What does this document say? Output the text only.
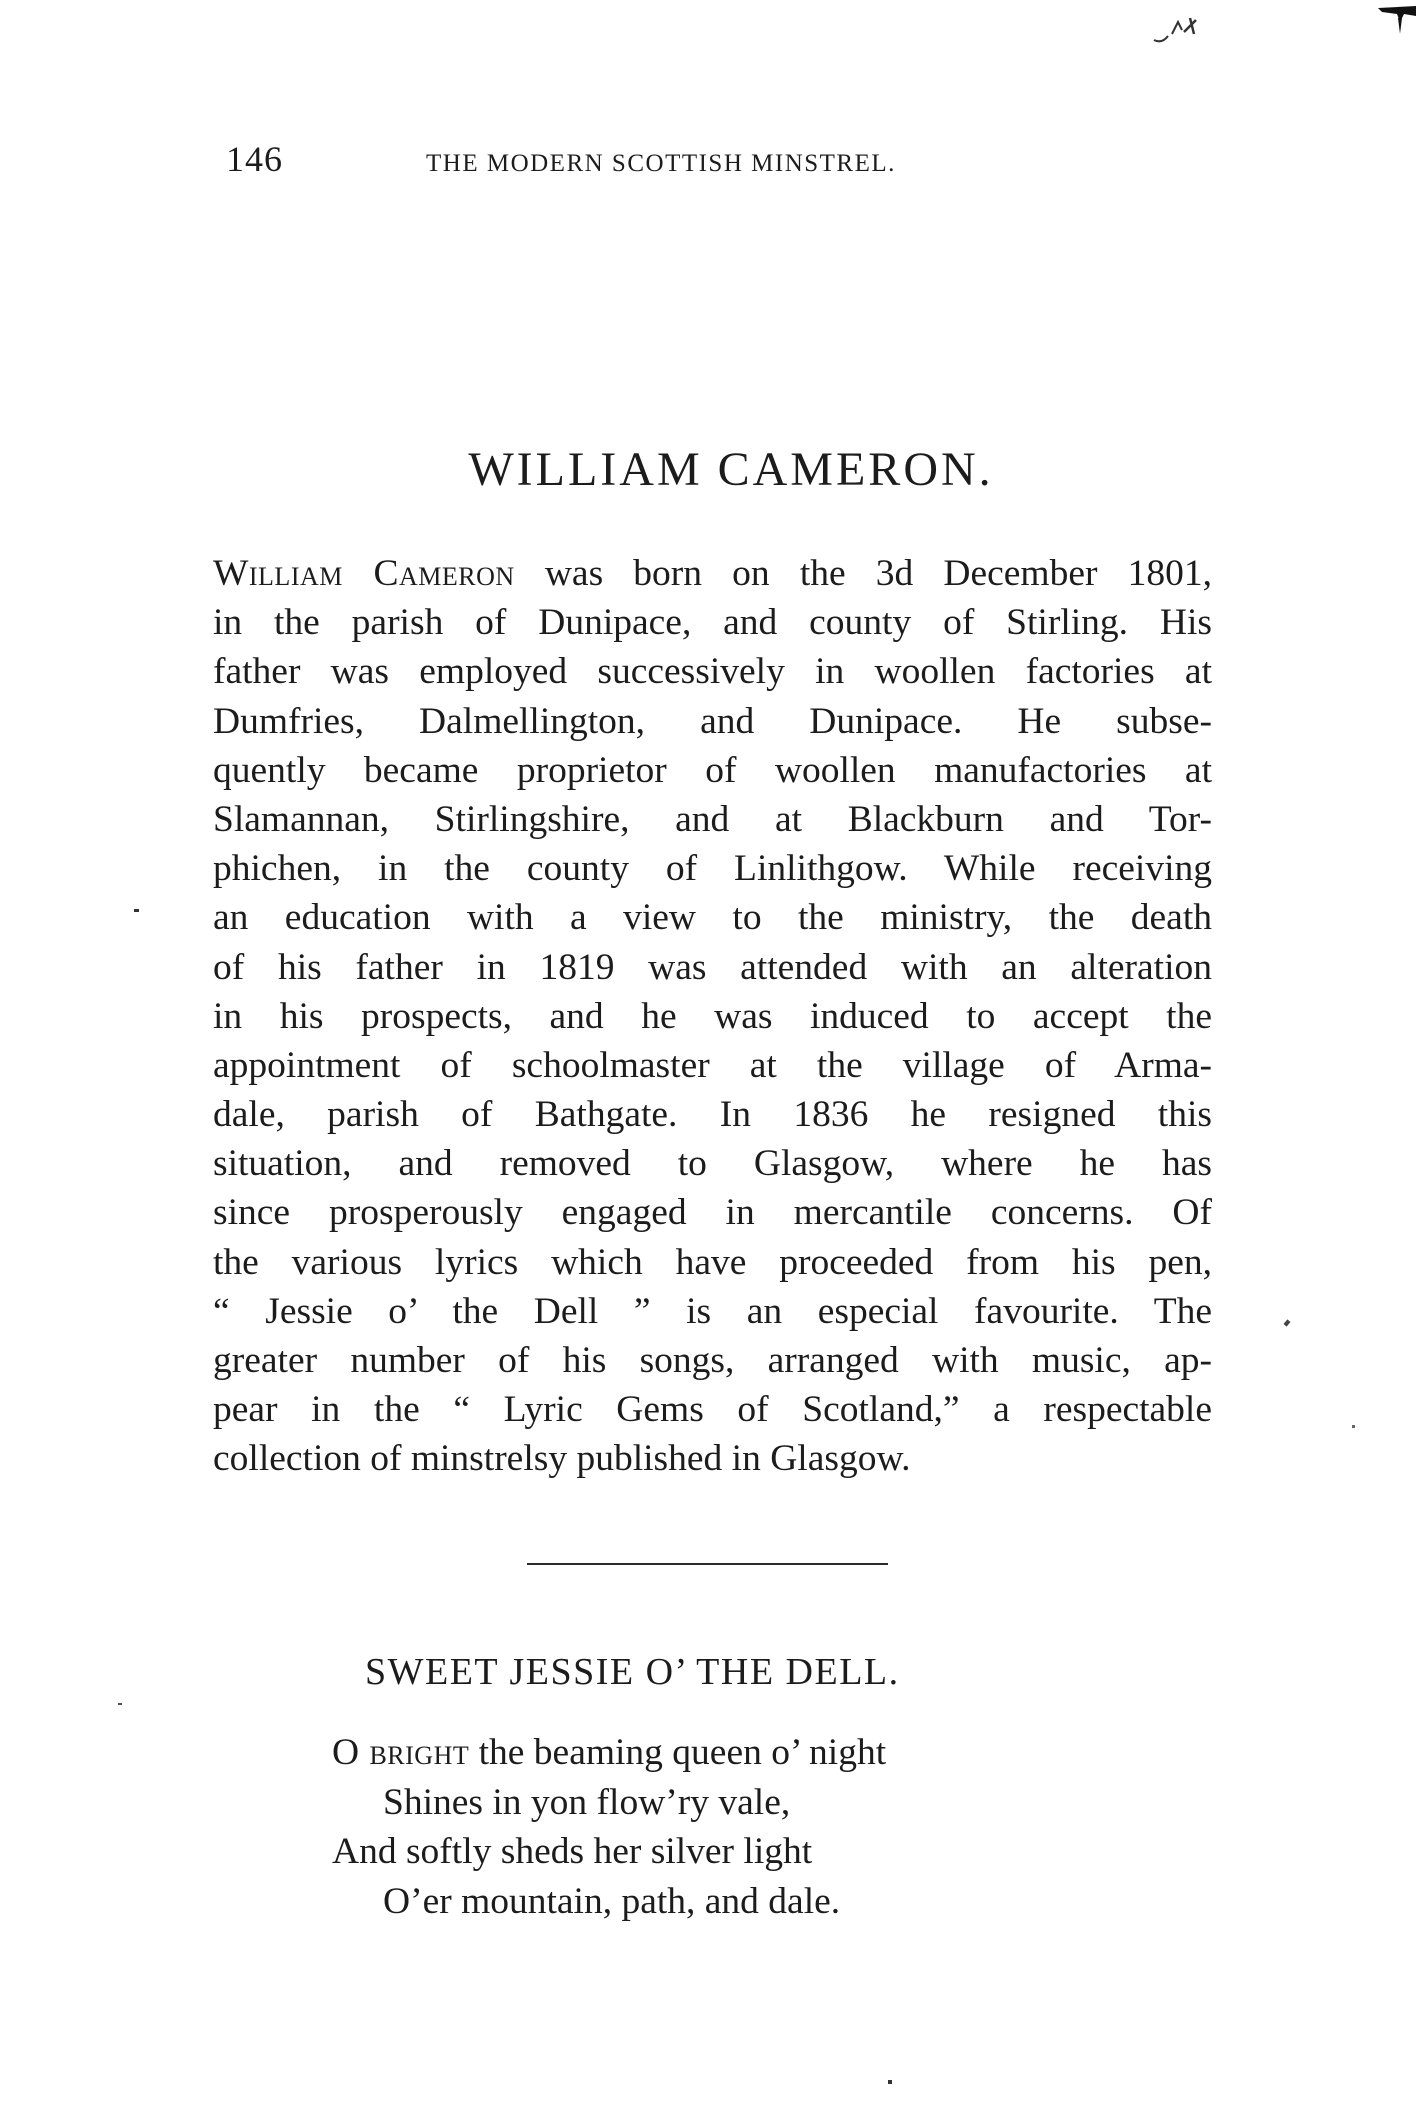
146	THE MODERN SCOTTISH MINSTREL.
WILLIAM CAMERON.
William Cameron was born on the 3d December 1801,
in the parish of Dunipace, and county of Stirling. His
father was employed successively in woollen factories at
Dumfries, Dalmellington, and Dunipace. He subse-
quently became proprietor of woollen manufactories at
Slamannan, Stirlingshire, and at Blackburn and Tor-
phichen, in the county of Linlithgow. While receiving
an education with a view to the ministry, the death
of his father in 1819 was attended with an alteration
in his prospects, and he was induced to accept the
appointment of schoolmaster at the village of Arma-
dale, parish of Bathgate. In 1836 he resigned this
situation, and removed to Glasgow, where he has
since prosperously engaged in mercantile concerns. Of
the various lyrics which have proceeded from his pen,
“ Jessie o’ the Dell ” is an especial favourite. The
greater number of his songs, arranged with music, ap-
pear in the “ Lyric Gems of Scotland,” a respectable
collection of minstrelsy published in Glasgow.
SWEET JESSIE O’ THE DELL.
O bright the beaming queen o’ night
Shines in yon flow’ry vale,
And softly sheds her silver light
O’er mountain, path, and dale.
